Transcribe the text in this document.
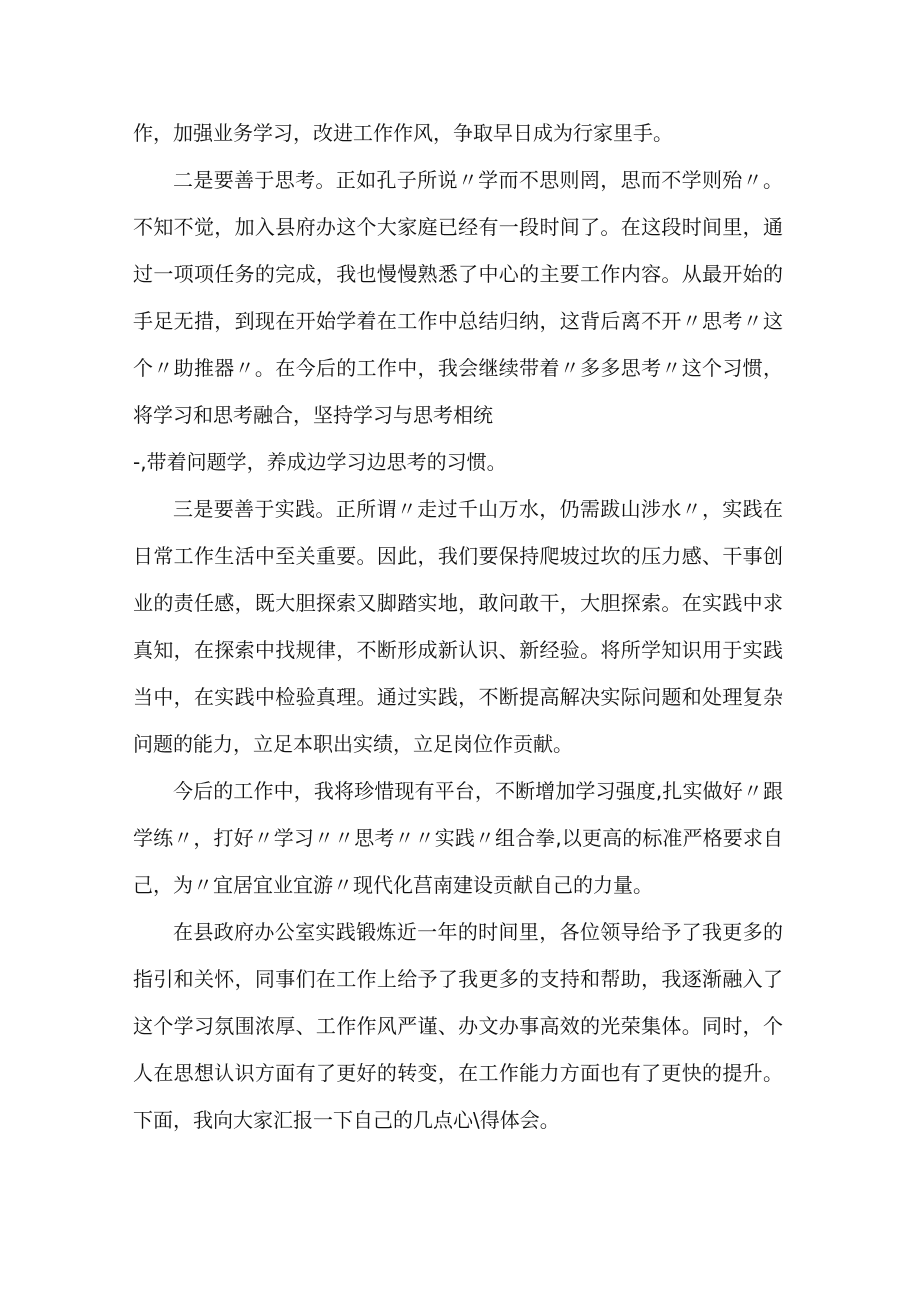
作，加强业务学习，改进工作作风，争取早日成为行家里手。
二是要善于思考。正如孔子所说〃学而不思则罔，思而不学则殆〃。
不知不觉，加入县府办这个大家庭已经有一段时间了。在这段时间里，通
过一项项任务的完成，我也慢慢熟悉了中心的主要工作内容。从最开始的
手足无措，到现在开始学着在工作中总结归纳，这背后离不开〃思考〃这
个〃助推器〃。在今后的工作中，我会继续带着〃多多思考〃这个习惯，
将学习和思考融合，坚持学习与思考相统
-,带着问题学，养成边学习边思考的习惯。
三是要善于实践。正所谓〃走过千山万水，仍需跋山涉水〃，实践在
日常工作生活中至关重要。因此，我们要保持爬坡过坎的压力感、干事创
业的责任感，既大胆探索又脚踏实地，敢问敢干，大胆探索。在实践中求
真知，在探索中找规律，不断形成新认识、新经验。将所学知识用于实践
当中，在实践中检验真理。通过实践，不断提高解决实际问题和处理复杂
问题的能力，立足本职出实绩，立足岗位作贡献。
今后的工作中，我将珍惜现有平台，不断增加学习强度,扎实做好〃跟
学练〃，打好〃学习〃〃思考〃〃实践〃组合拳,以更高的标准严格要求自
己，为〃宜居宜业宜游〃现代化莒南建设贡献自己的力量。
在县政府办公室实践锻炼近一年的时间里，各位领导给予了我更多的
指引和关怀，同事们在工作上给予了我更多的支持和帮助，我逐渐融入了
这个学习氛围浓厚、工作作风严谨、办文办事高效的光荣集体。同时，个
人在思想认识方面有了更好的转变，在工作能力方面也有了更快的提升。
下面，我向大家汇报一下自己的几点心\得体会。
